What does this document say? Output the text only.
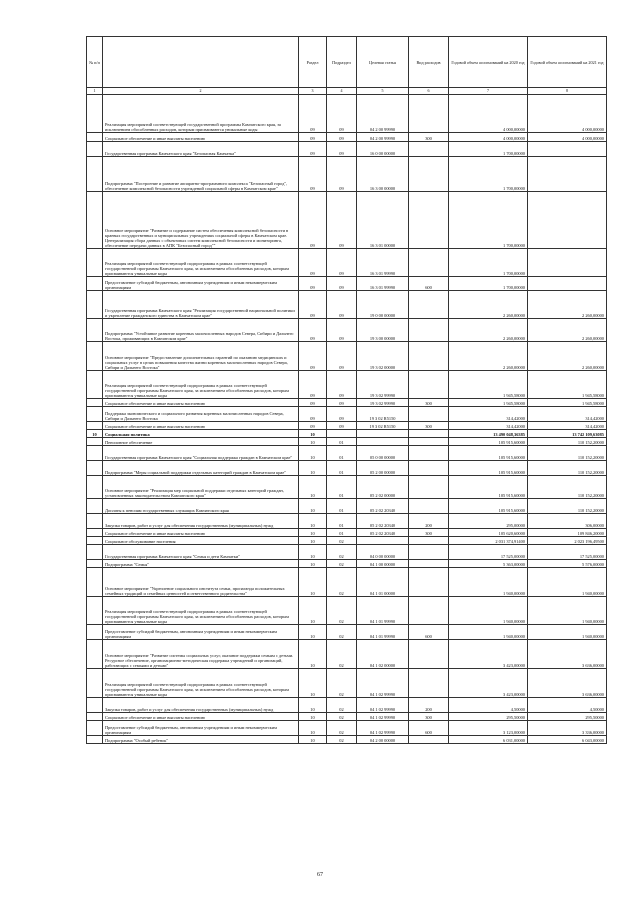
№ п/п		Раздел	Подраздел	Целевая статья	Вид расходов	Годовой объем ассигнований на 2020 год	Годовой объем ассигнований на 2021 год
1	2	3	4	5	6	7	8
	Реализация мероприятий соответствующей государственной программы Камчатского края, за исключением обособленных расходов, которым присваиваются уникальные коды	09	09	04 2 00 99990		4 000,00000	4 000,00000
	Социальное обеспечение и иные выплаты населению	09	09	04 2 00 99990	300	4 000,00000	4 000,00000
	Государственная программа Камчатского края "Безопасная Камчатка"	09	09	16 0 00 00000		1 700,00000	
	Подпрограмма "Построение и развитие аппаратно-программного комплекса "Безопасный город", обеспечение комплексной безопасности учреждений социальной сферы в Камчатском крае"	09	09	16 3 00 00000		1 700,00000	
	Основное мероприятие "Развитие и содержание систем обеспечения комплексной безопасности в краевых государственных и муниципальных учреждениях социальной сферы в Камчатском крае. Централизация сбора данных с объектовых систем комплексной безопасности и мониторинга, обеспечение передачи данных в АПК "Безопасный город""	09	09	16 3 01 00000		1 700,00000	
	Реализация мероприятий соответствующей подпрограммы в рамках соответствующей государственной программы Камчатского края, за исключением обособленных расходов, которым присваиваются уникальные коды	09	09	16 3 01 99990		1 700,00000	
	Предоставление субсидий бюджетным, автономным учреждениям и иным некоммерческим организациям	09	09	16 3 01 99990	600	1 700,00000	
	Государственная программа Камчатского края "Реализация государственной национальной политики и укрепление гражданского единства в Камчатском крае"	09	09	19 0 00 00000		2 260,00000	2 260,00000
	Подпрограмма "Устойчивое развитие коренных малочисленных народов Севера, Сибири и Дальнего Востока, проживающих в Камчатском крае"	09	09	19 3 00 00000		2 260,00000	2 260,00000
	Основное мероприятие "Предоставление дополнительных гарантий по оказанию медицинских и социальных услуг в целях повышения качества жизни коренных малочисленных народов Севера, Сибири и Дальнего Востока"	09	09	19 3 02 00000		2 260,00000	2 260,00000
	Реализация мероприятий соответствующей подпрограммы в рамках соответствующей государственной программы Камчатского края, за исключением обособленных расходов, которым присваиваются уникальные коды	09	09	19 3 02 99990		1 945,58000	1 945,58000
	Социальное обеспечение и иные выплаты населению	09	09	19 3 02 99990	300	1 945,58000	1 945,58000
	Поддержка экономического и социального развития коренных малочисленных народов Севера, Сибири и Дальнего Востока	09	09	19 3 02 R5150		314,42000	314,42000
	Социальное обеспечение и иные выплаты населению	09	09	19 3 02 R5150	300	314,42000	314,42000
10	Социальная политика	10				13 490 048,36385	13 742 109,63085
	Пенсионное обеспечение	10	01			105 915,60000	110 152,20000
	Государственная программа Камчатского края "Социальная поддержка граждан в Камчатском крае"	10	01	05 0 00 00000		105 915,60000	110 152,20000
	Подпрограмма "Меры социальной поддержки отдельных категорий граждан в Камчатском крае"	10	01	05 2 00 00000		105 915,60000	110 152,20000
	Основное мероприятие "Реализация мер социальной поддержки отдельных категорий граждан, установленных законодательством Камчатского края"	10	01	05 2 02 00000		105 915,60000	110 152,20000
	Доплаты к пенсиям государственных служащих Камчатского края	10	01	05 2 02 20340		105 915,60000	110 152,20000
	Закупка товаров, работ и услуг для обеспечения государственных (муниципальных) нужд	10	01	05 2 02 20340	200	295,00000	306,00000
	Социальное обеспечение и иные выплаты населению	10	01	05 2 02 20340	300	105 620,60000	109 846,20000
	Социальное обслуживание населения	10	02			2 031 374,91400	2 023 196,49500
	Государственная программа Камчатского края "Семья и дети Камчатки"	10	02	04 0 00 00000		17 525,00000	17 525,00000
	Подпрограмма "Семья"	10	02	04 1 00 00000		5 363,00000	5 576,00000
	Основное мероприятие "Укрепление социального института семьи, пропаганда положительных семейных традиций и семейных ценностей и ответственного родительства"	10	02	04 1 01 00000		1 940,00000	1 940,00000
	Реализация мероприятий соответствующей подпрограммы в рамках соответствующей государственной программы Камчатского края, за исключением обособленных расходов, которым присваиваются уникальные коды	10	02	04 1 01 99990		1 940,00000	1 940,00000
	Предоставление субсидий бюджетным, автономным учреждениям и иным некоммерческим организациям	10	02	04 1 01 99990	600	1 940,00000	1 940,00000
	Основное мероприятие "Развитие системы социальных услуг, оказание поддержки семьям с детьми. Ресурсное обеспечение, организационно-методическая поддержка учреждений и организаций, работающих с семьями и детьми"	10	02	04 1 02 00000		3 423,00000	3 636,00000
	Реализация мероприятий соответствующей подпрограммы в рамках соответствующей государственной программы Камчатского края, за исключением обособленных расходов, которым присваиваются уникальные коды	10	02	04 1 02 99990		3 423,00000	3 636,00000
	Закупка товаров, работ и услуг для обеспечения государственных (муниципальных) нужд	10	02	04 1 02 99990	200	4,50000	4,50000
	Социальное обеспечение и иные выплаты населению	10	02	04 1 02 99990	300	295,50000	295,50000
	Предоставление субсидий бюджетным, автономным учреждениям и иным некоммерческим организациям	10	02	04 1 02 99990	600	3 123,00000	3 336,00000
	Подпрограмма "Особый ребенок"	10	02	04 2 00 00000		6 031,00000	6 043,00000
67
